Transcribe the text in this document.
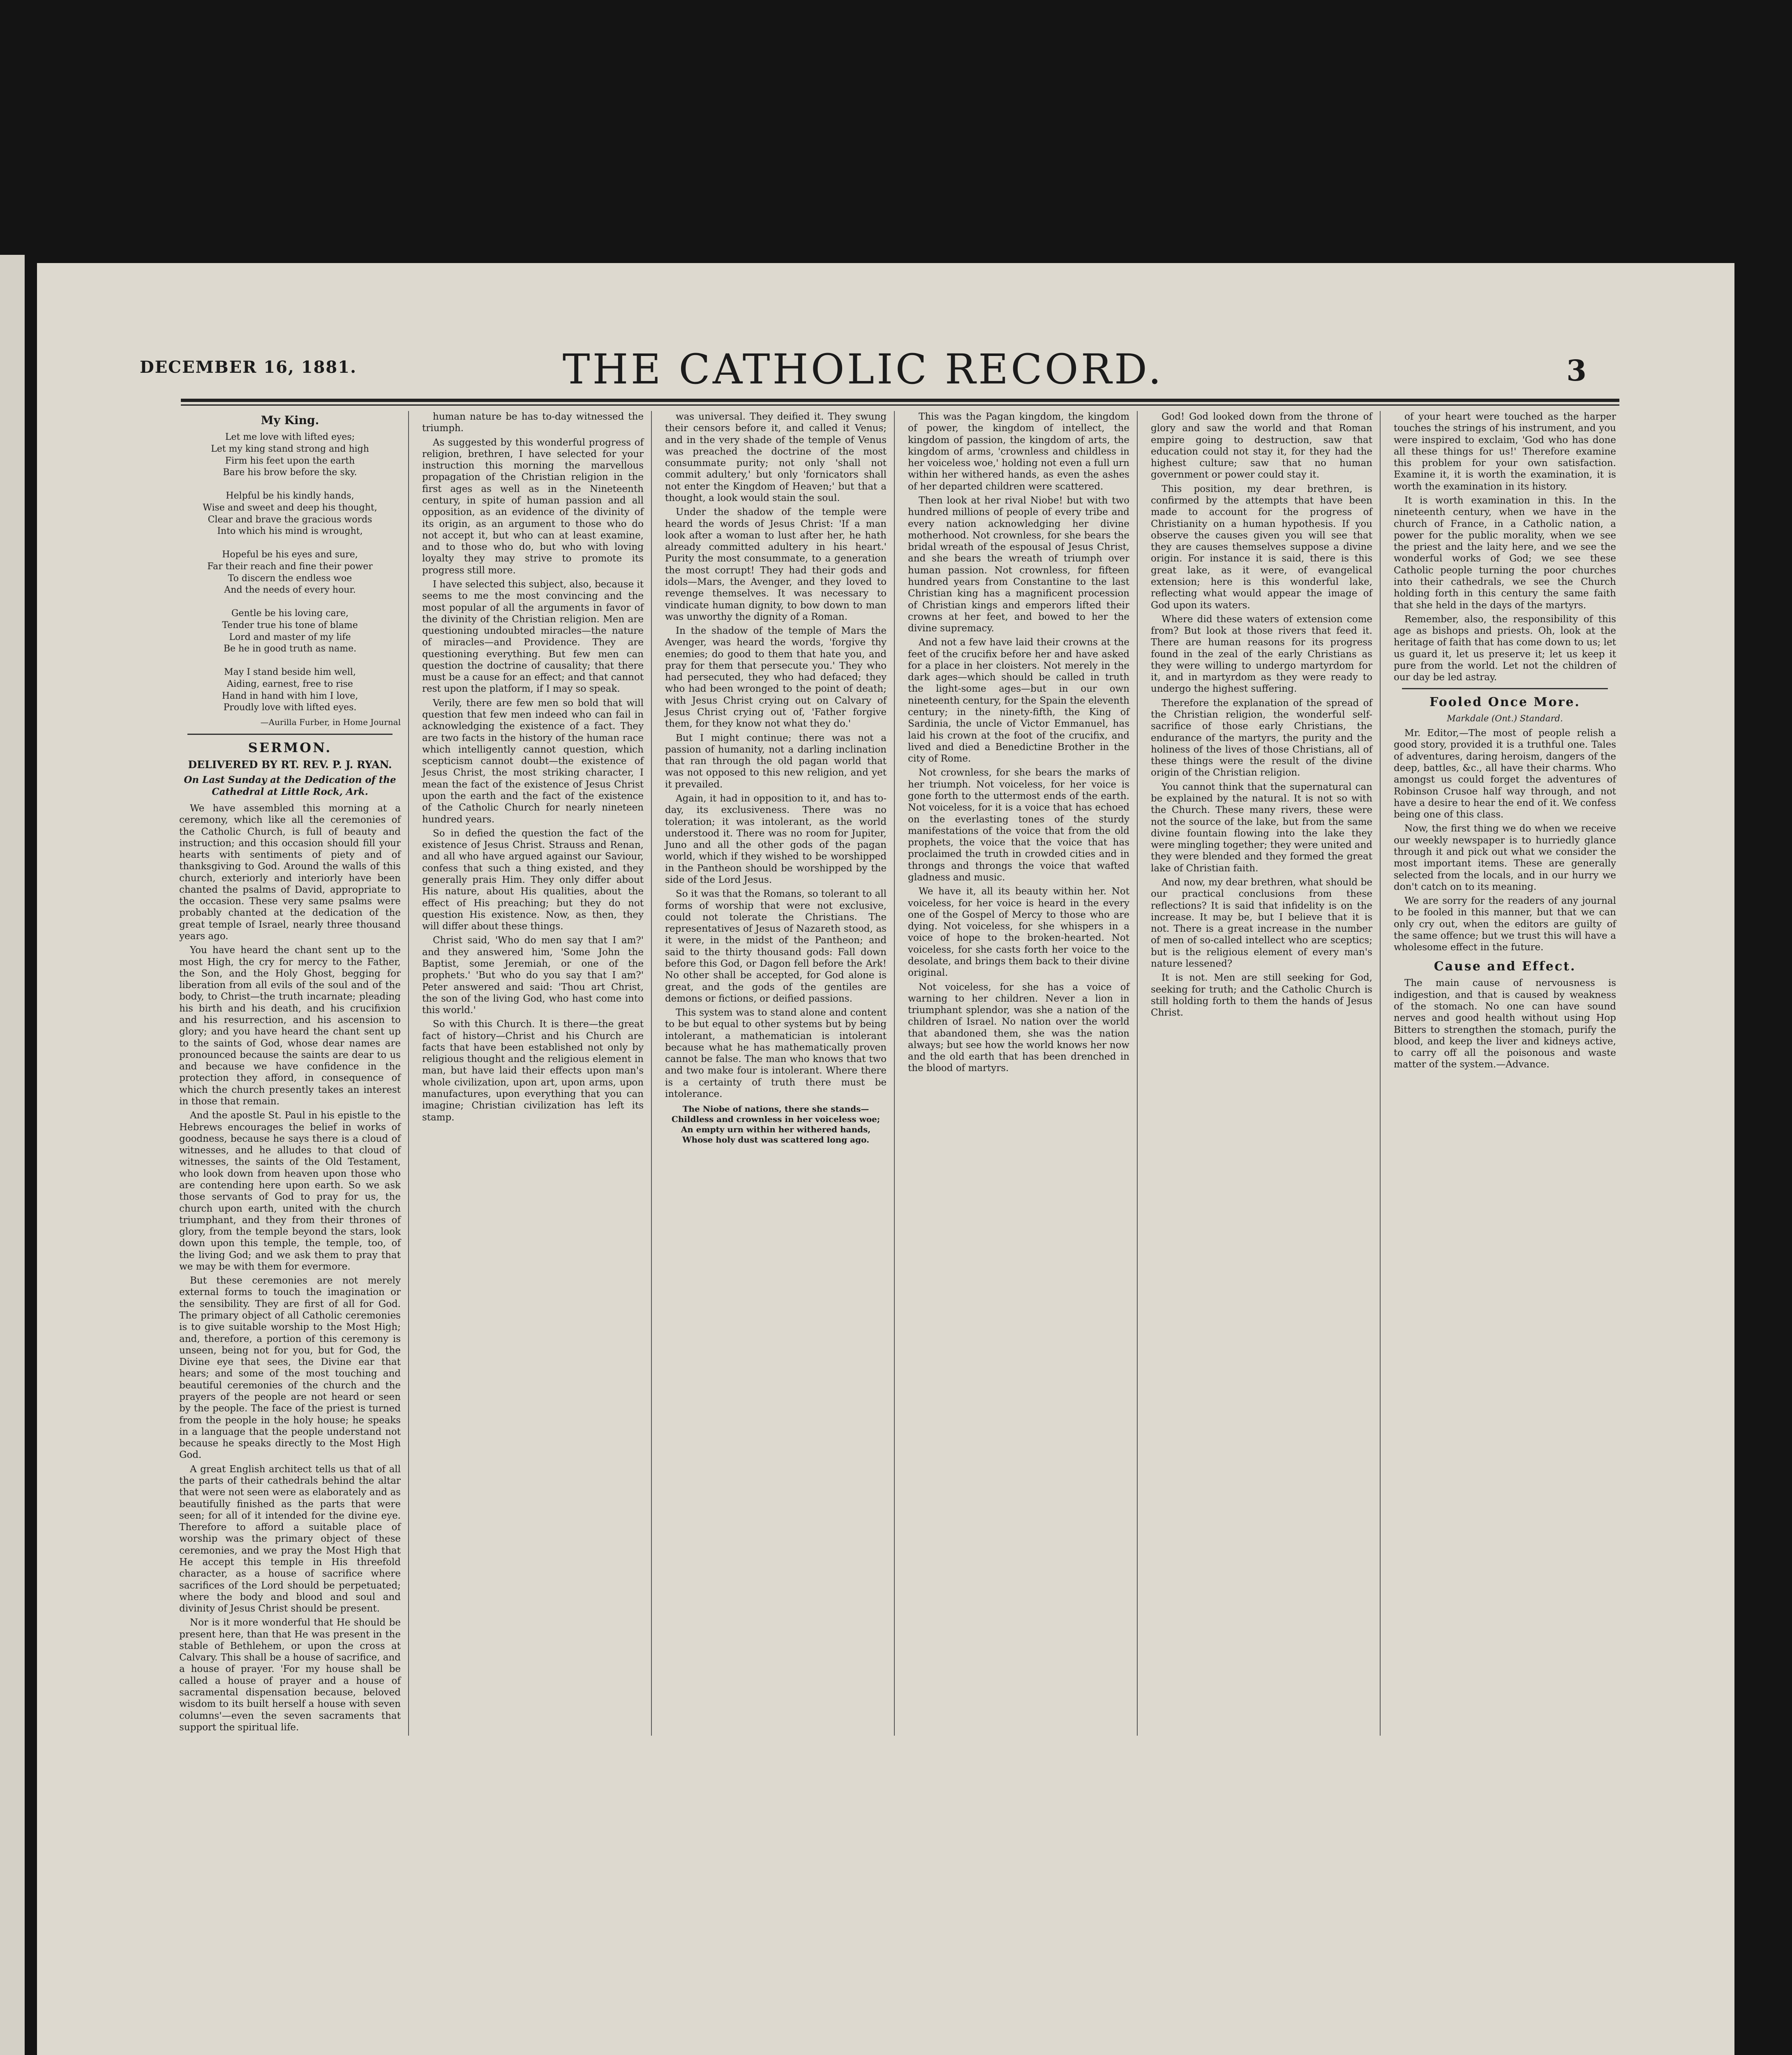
DECEMBER 16, 1881.	THE CATHOLIC RECORD.	3
My King.
Let me love with lifted eyes;
Let my king stand strong and high
Firm his feet upon the earth
Bare his brow before the sky.

Helpful be his kindly hands,
Wise and sweet and deep his thought,
Clear and brave the gracious words
Into which his mind is wrought,

Hopeful be his eyes and sure,
Far their reach and fine their power
To discern the endless woe
And the needs of every hour.

Gentle be his loving care,
Tender true his tone of blame
Lord and master of my life
Be he in good truth as name.

May I stand beside him well,
Aiding, earnest, free to rise
Hand in hand with him I love,
Proudly love with lifted eyes.
—Aurilla Furber, in Home Journal
SERMON.
DELIVERED BY RT. REV. P. J. RYAN.
On Last Sunday at the Dedication of the Cathedral at Little Rock, Ark.

We have assembled this morning at a ceremony, which like all the ceremonies of the Catholic Church, is full of beauty and instruction; and this occasion should fill your hearts with sentiments of piety and of thanksgiving to God. Around the walls of this church, exteriorly and interiorly have been chanted the psalms of David, appropriate to the occasion. These very same psalms were probably chanted at the dedication of the great temple of Israel, nearly three thousand years ago.

You have heard the chant sent up to the most High, the cry for mercy to the Father, the Son, and the Holy Ghost, begging for liberation from all evils of the soul and of the body, to Christ—the truth incarnate; pleading his birth and his death, and his crucifixion and his resurrection, and his ascension to glory; and you have heard the chant sent up to the saints of God, whose dear names are pronounced because the saints are dear to us and because we have confidence in the protection they afford, in consequence of which the church presently takes an interest in those that remain.

And the apostle St. Paul in his epistle to the Hebrews encourages the belief in works of goodness, because he says there is a cloud of witnesses, and he alludes to that cloud of witnesses, the saints of the Old Testament, who look down from heaven upon those who are contending here upon earth. So we ask those servants of God to pray for us, the church upon earth, united with the church triumphant, and they from their thrones of glory, from the temple beyond the stars, look down upon this temple, the temple, too, of the living God; and we ask them to pray that we may be with them for evermore.

But these ceremonies are not merely external forms to touch the imagination or the sensibility. They are first of all for God. The primary object of all Catholic ceremonies is to give suitable worship to the Most High; and, therefore, a portion of this ceremony is unseen, being not for you, but for God, the Divine eye that sees, the Divine ear that hears; and some of the most touching and beautiful ceremonies of the church and the prayers of the people are not heard or seen by the people. The face of the priest is turned from the people in the holy house; he speaks in a language that the people understand not because he speaks directly to the Most High God.

A great English architect tells us that of all the parts of their cathedrals behind the altar that were not seen were as elaborately and as beautifully finished as the parts that were seen; for all of it intended for the divine eye. Therefore to afford a suitable place of worship was the primary object of these ceremonies, and we pray the Most High that He accept this temple in His threefold character, as a house of sacrifice where sacrifices of the Lord should be perpetuated; where the body and blood and soul and divinity of Jesus Christ should be present.

Nor is it more wonderful that He should be present here, than that He was present in the stable of Bethlehem, or upon the cross at Calvary. This shall be a house of sacrifice, and a house of prayer. 'For my house shall be called a house of prayer and a house of sacramental dispensation because, beloved wisdom to its built herself a house with seven columns'—even the seven sacraments that support the spiritual life.

human nature be has to-day witnessed the triumph.

As suggested by this wonderful progress of religion, brethren, I have selected for your instruction this morning the marvellous propagation of the Christian religion in the first ages as well as in the Nineteenth century, in spite of human passion and all opposition, as an evidence of the divinity of its origin, as an argument to those who do not accept it, but who can at least examine, and to those who do, but who with loving loyalty they may strive to promote its progress still more.

I have selected this subject, also, because it seems to me the most convincing and the most popular of all the arguments in favor of the divinity of the Christian religion. Men are questioning undoubted miracles—the nature of miracles—and Providence. They are questioning everything. But few men can question the doctrine of causality; that there must be a cause for an effect; and that cannot rest upon the platform, if I may so speak.

Verily, there are few men so bold that will question that few men indeed who can fail in acknowledging the existence of a fact. They are two facts in the history of the human race which intelligently cannot question, which scepticism cannot doubt—the existence of Jesus Christ, the most striking character, I mean the fact of the existence of Jesus Christ upon the earth and the fact of the existence of the Catholic Church for nearly nineteen hundred years.

So in defied the question the fact of the existence of Jesus Christ. Strauss and Renan, and all who have argued against our Saviour, confess that such a thing existed, and they generally prais Him. They only differ about His nature, about His qualities, about the effect of His preaching; but they do not question His existence. Now, as then, they will differ about these things.

Christ said, 'Who do men say that I am?' and they answered him, 'Some John the Baptist, some Jeremiah, or one of the prophets.' 'But who do you say that I am?' Peter answered and said: 'Thou art Christ, the son of the living God, who hast come into this world.'

So with this Church. It is there—the great fact of history—Christ and his Church are facts that have been established not only by religious thought and the religious element in man, but have laid their effects upon man's whole civilization, upon art, upon arms, upon manufactures, upon everything that you can imagine; Christian civilization has left its stamp.

was universal. They deified it. They swung their censors before it, and called it Venus; and in the very shade of the temple of Venus was preached the doctrine of the most consummate purity; not only 'shall not commit adultery,' but only 'fornicators shall not enter the Kingdom of Heaven;' but that a thought, a look would stain the soul.

Under the shadow of the temple were heard the words of Jesus Christ: 'If a man look after a woman to lust after her, he hath already committed adultery in his heart.' Purity the most consummate, to a generation the most corrupt! They had their gods and idols—Mars, the Avenger, and they loved to revenge themselves. It was necessary to vindicate human dignity, to bow down to man was unworthy the dignity of a Roman.

In the shadow of the temple of Mars the Avenger, was heard the words, 'forgive thy enemies; do good to them that hate you, and pray for them that persecute you.' They who had persecuted, they who had defaced; they who had been wronged to the point of death; with Jesus Christ crying out on Calvary of Jesus Christ crying out of, 'Father forgive them, for they know not what they do.'

But I might continue; there was not a passion of humanity, not a darling inclination that ran through the old pagan world that was not opposed to this new religion, and yet it prevailed.

Again, it had in opposition to it, and has to-day, its exclusiveness. There was no toleration; it was intolerant, as the world understood it. There was no room for Jupiter, Juno and all the other gods of the pagan world, which if they wished to be worshipped in the Pantheon should be worshipped by the side of the Lord Jesus.

So it was that the Romans, so tolerant to all forms of worship that were not exclusive, could not tolerate the Christians. The representatives of Jesus of Nazareth stood, as it were, in the midst of the Pantheon; and said to the thirty thousand gods: Fall down before this God, or Dagon fell before the Ark! No other shall be accepted, for God alone is great, and the gods of the gentiles are demons or fictions, or deified passions.

This system was to stand alone and content to be but equal to other systems but by being intolerant, a mathematician is intolerant because what he has mathematically proven cannot be false. The man who knows that two and two make four is intolerant. Where there is a certainty of truth there must be intolerance.

The Niobe of nations, there she stands—Childless and crownless in her voiceless woe; An empty urn within her withered hands, Whose holy dust was scattered long ago.

This was the Pagan kingdom, the kingdom of power, the kingdom of intellect, the kingdom of passion, the kingdom of arts, the kingdom of arms, 'crownless and childless in her voiceless woe,' holding not even a full urn within her withered hands, as even the ashes of her departed children were scattered.

Then look at her rival Niobe! but with two hundred millions of people of every tribe and every nation acknowledging her divine motherhood. Not crownless, for she bears the bridal wreath of the espousal of Jesus Christ, and she bears the wreath of triumph over human passion. Not crownless, for fifteen hundred years from Constantine to the last Christian king has a magnificent procession of Christian kings and emperors lifted their crowns at her feet, and bowed to her the divine supremacy.

And not a few have laid their crowns at the feet of the crucifix before her and have asked for a place in her cloisters. Not merely in the dark ages—which should be called in truth the light-some ages—but in our own nineteenth century, for the Spain the eleventh century; in the ninety-fifth, the King of Sardinia, the uncle of Victor Emmanuel, has laid his crown at the foot of the crucifix, and lived and died a Benedictine Brother in the city of Rome.

Not crownless, for she bears the marks of her triumph. Not voiceless, for her voice is gone forth to the uttermost ends of the earth. Not voiceless, for it is a voice that has echoed on the everlasting tones of the sturdy manifestations of the voice that from the old prophets, the voice that the voice that has proclaimed the truth in crowded cities and in throngs and throngs the voice that wafted gladness and music.

We have it, all its beauty within her. Not voiceless, for her voice is heard in the every one of the Gospel of Mercy to those who are dying. Not voiceless, for she whispers in a voice of hope to the broken-hearted. Not voiceless, for she casts forth her voice to the desolate, and brings them back to their divine original.

Not voiceless, for she has a voice of warning to her children. Never a lion in triumphant splendor, was she a nation of the children of Israel. No nation over the world that abandoned them, she was the nation always; but see how the world knows her now and the old earth that has been drenched in the blood of martyrs.

God! God looked down from the throne of glory and saw the world and that Roman empire going to destruction, saw that education could not stay it, for they had the highest culture; saw that no human government or power could stay it.

This position, my dear brethren, is confirmed by the attempts that have been made to account for the progress of Christianity on a human hypothesis. If you observe the causes given you will see that they are causes themselves suppose a divine origin. For instance it is said, there is this great lake, as it were, of evangelical extension; here is this wonderful lake, reflecting what would appear the image of God upon its waters.

Where did these waters of extension come from? But look at those rivers that feed it. There are human reasons for its progress found in the zeal of the early Christians as they were willing to undergo martyrdom for it, and in martyrdom as they were ready to undergo the highest suffering.

Therefore the explanation of the spread of the Christian religion, the wonderful self-sacrifice of those early Christians, the endurance of the martyrs, the purity and the holiness of the lives of those Christians, all of these things were the result of the divine origin of the Christian religion.

You cannot think that the supernatural can be explained by the natural. It is not so with the Church. These many rivers, these were not the source of the lake, but from the same divine fountain flowing into the lake they were mingling together; they were united and they were blended and they formed the great lake of Christian faith.

And now, my dear brethren, what should be our practical conclusions from these reflections? It is said that infidelity is on the increase. It may be, but I believe that it is not. There is a great increase in the number of men of so-called intellect who are sceptics; but is the religious element of every man's nature lessened?

It is not. Men are still seeking for God, seeking for truth; and the Catholic Church is still holding forth to them the hands of Jesus Christ.

of your heart were touched as the harper touches the strings of his instrument, and you were inspired to exclaim, 'God who has done all these things for us!' Therefore examine this problem for your own satisfaction. Examine it, it is worth the examination, it is worth the examination in its history.

It is worth examination in this. In the nineteenth century, when we have in the church of France, in a Catholic nation, a power for the public morality, when we see the priest and the laity here, and we see the wonderful works of God; we see these Catholic people turning the poor churches into their cathedrals, we see the Church holding forth in this century the same faith that she held in the days of the martyrs.

Remember, also, the responsibility of this age as bishops and priests. Oh, look at the heritage of faith that has come down to us; let us guard it, let us preserve it; let us keep it pure from the world. Let not the children of our day be led astray.

Fooled Once More.
Markdale (Ont.) Standard.

Mr. Editor,—The most of people relish a good story, provided it is a truthful one. Tales of adventures, daring heroism, dangers of the deep, battles, &c., all have their charms. Who amongst us could forget the adventures of Robinson Crusoe half way through, and not have a desire to hear the end of it. We confess being one of this class.

Now, the first thing we do when we receive our weekly newspaper is to hurriedly glance through it and pick out what we consider the most important items. These are generally selected from the locals, and in our hurry we don't catch on to its meaning.

We are sorry for the readers of any journal to be fooled in this manner, but that we can only cry out, when the editors are guilty of the same offence; but we trust this will have a wholesome effect in the future.

Cause and Effect.

The main cause of nervousness is indigestion, and that is caused by weakness of the stomach. No one can have sound nerves and good health without using Hop Bitters to strengthen the stomach, purify the blood, and keep the liver and kidneys active, to carry off all the poisonous and waste matter of the system.—Advance.
